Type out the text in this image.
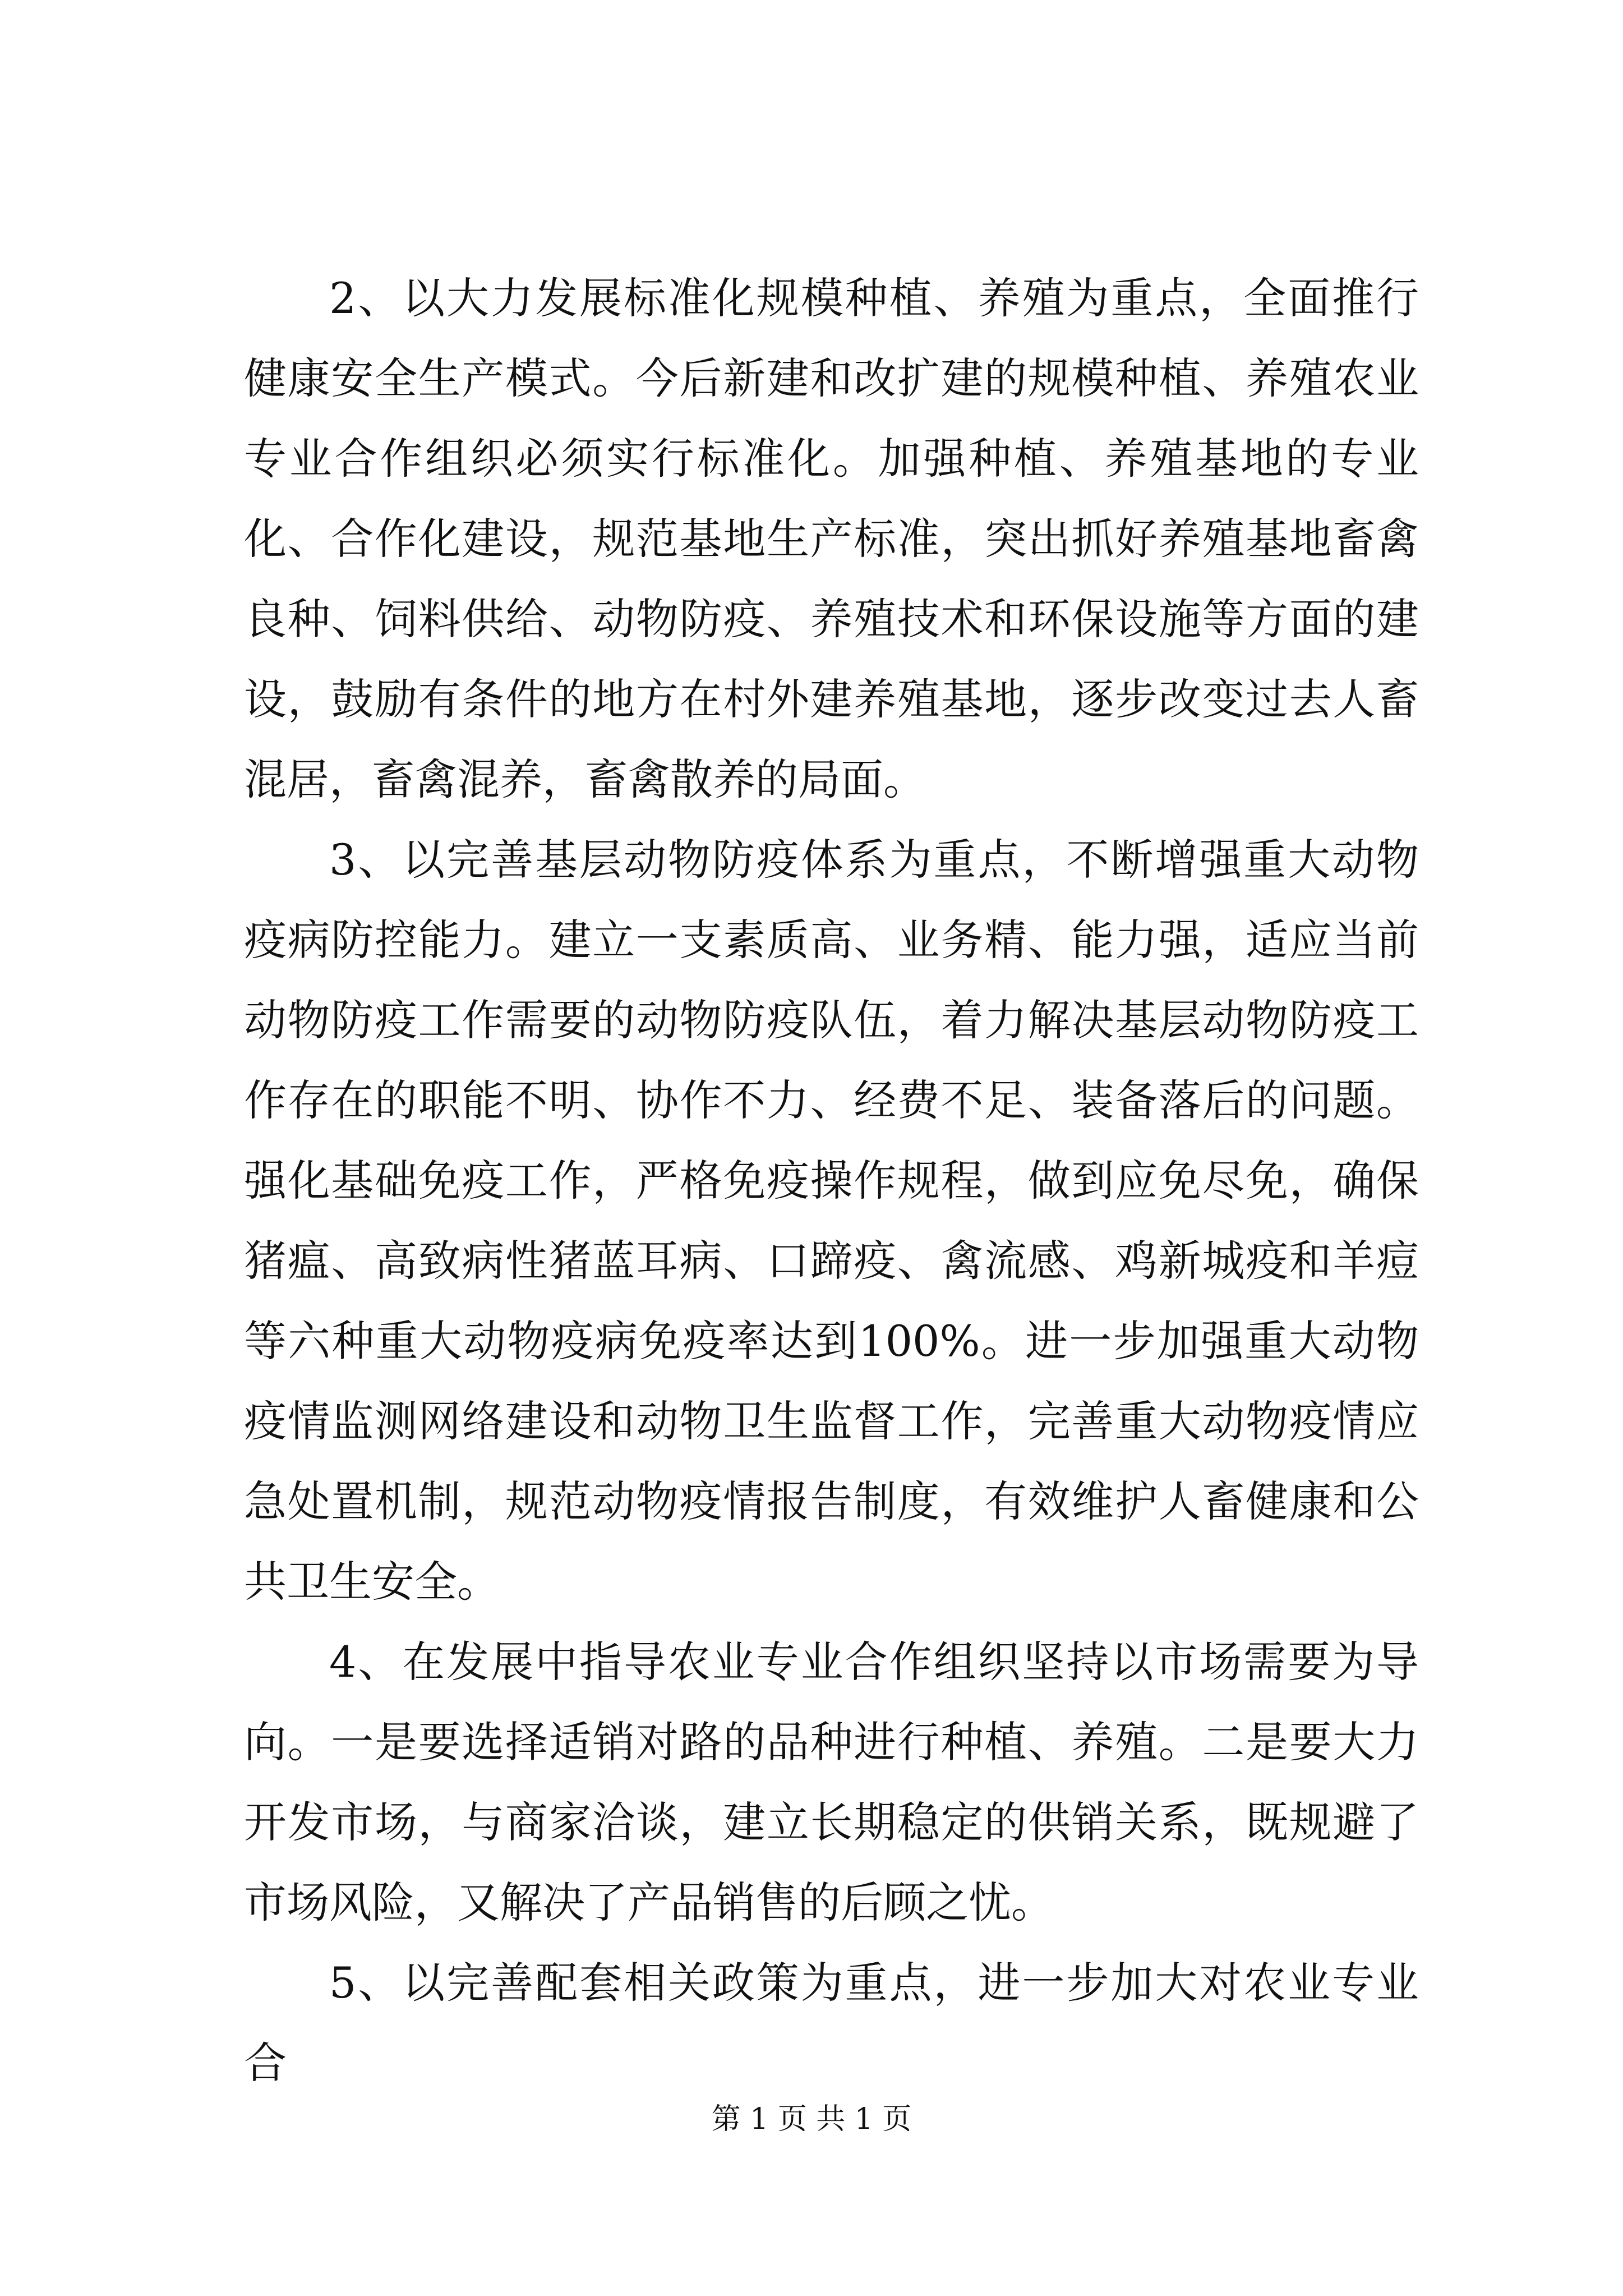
2、以大力发展标准化规模种植、养殖为重点，全面推行健康安全生产模式。今后新建和改扩建的规模种植、养殖农业专业合作组织必须实行标准化。加强种植、养殖基地的专业化、合作化建设，规范基地生产标准，突出抓好养殖基地畜禽良种、饲料供给、动物防疫、养殖技术和环保设施等方面的建设，鼓励有条件的地方在村外建养殖基地，逐步改变过去人畜混居，畜禽混养，畜禽散养的局面。

3、以完善基层动物防疫体系为重点，不断增强重大动物疫病防控能力。建立一支素质高、业务精、能力强，适应当前动物防疫工作需要的动物防疫队伍，着力解决基层动物防疫工作存在的职能不明、协作不力、经费不足、装备落后的问题。强化基础免疫工作，严格免疫操作规程，做到应免尽免，确保猪瘟、高致病性猪蓝耳病、口蹄疫、禽流感、鸡新城疫和羊痘等六种重大动物疫病免疫率达到100%。进一步加强重大动物疫情监测网络建设和动物卫生监督工作，完善重大动物疫情应急处置机制，规范动物疫情报告制度，有效维护人畜健康和公共卫生安全。

4、在发展中指导农业专业合作组织坚持以市场需要为导向。一是要选择适销对路的品种进行种植、养殖。二是要大力开发市场，与商家洽谈，建立长期稳定的供销关系，既规避了市场风险，又解决了产品销售的后顾之忧。

5、以完善配套相关政策为重点，进一步加大对农业专业合

第 1 页 共 1 页
